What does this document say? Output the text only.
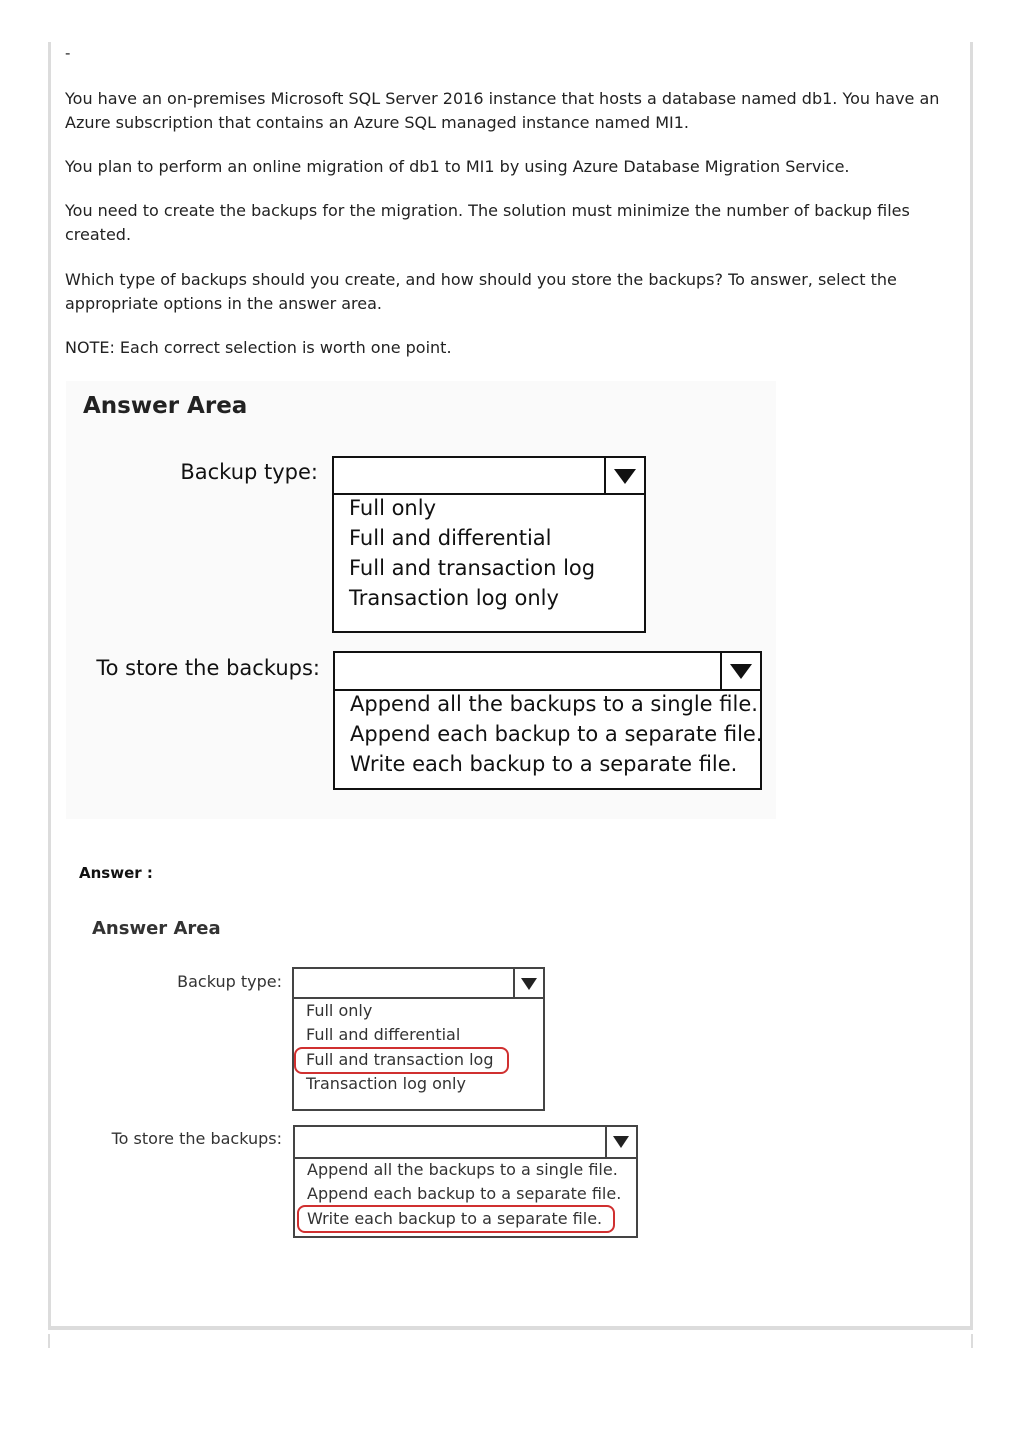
-

You have an on-premises Microsoft SQL Server 2016 instance that hosts a database named db1. You have an Azure subscription that contains an Azure SQL managed instance named MI1.

You plan to perform an online migration of db1 to MI1 by using Azure Database Migration Service.

You need to create the backups for the migration. The solution must minimize the number of backup files created.

Which type of backups should you create, and how should you store the backups? To answer, select the appropriate options in the answer area.

NOTE: Each correct selection is worth one point.

Answer Area
Backup type:
Full only
Full and differential
Full and transaction log
Transaction log only
To store the backups:
Append all the backups to a single file.
Append each backup to a separate file.
Write each backup to a separate file.
Answer :
Answer Area
Backup type:
Full only
Full and differential
Full and transaction log
Transaction log only
To store the backups:
Append all the backups to a single file.
Append each backup to a separate file.
Write each backup to a separate file.
